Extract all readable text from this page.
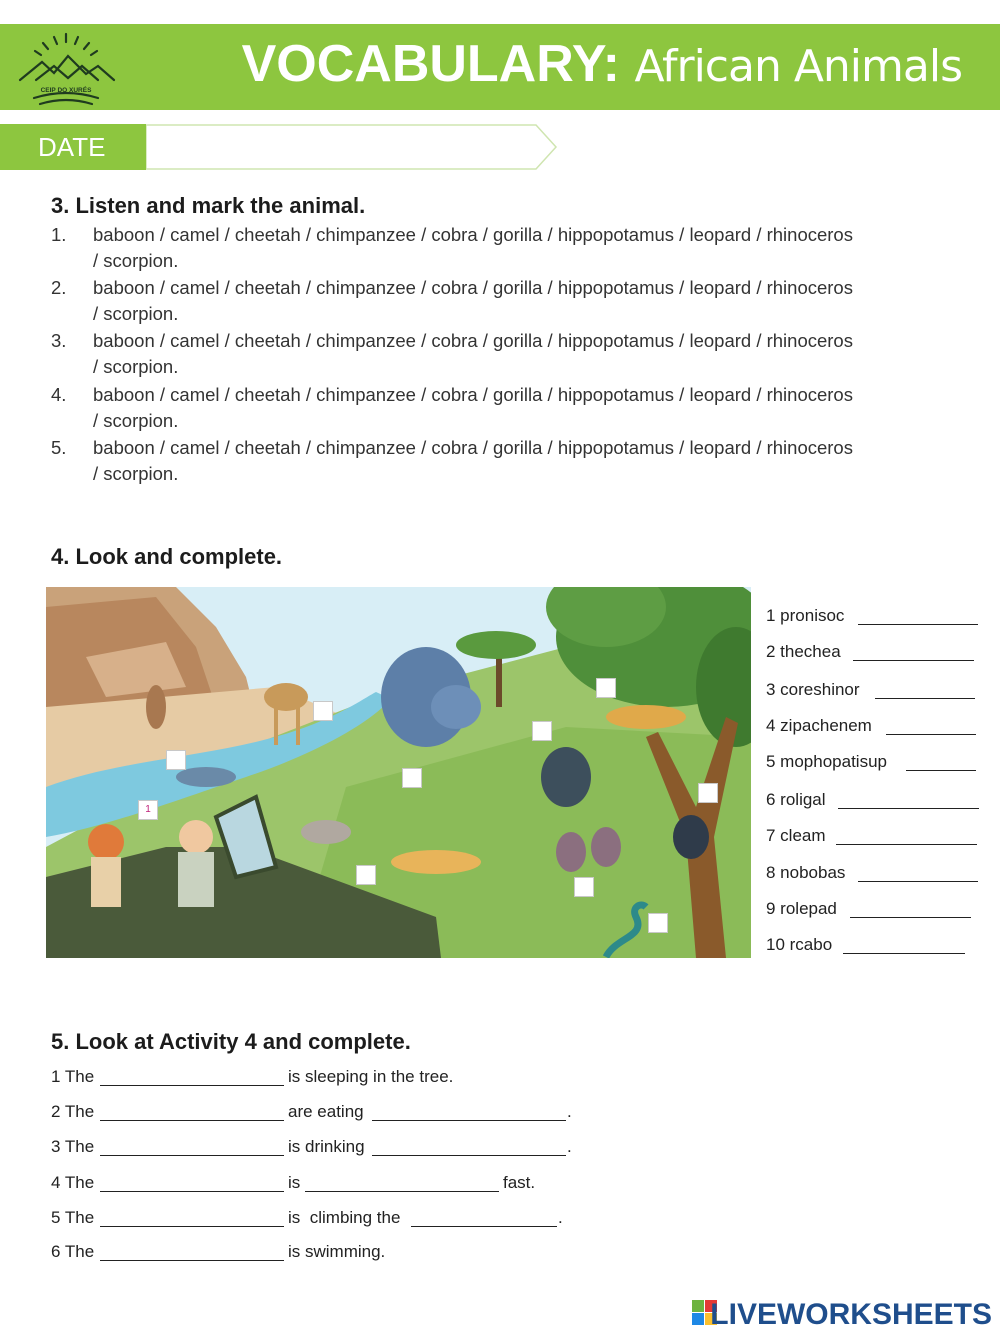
CEIP DO XURÉS	VOCABULARY: African Animals
DATE
3. Listen and mark the animal.
1. baboon / camel / cheetah / chimpanzee / cobra / gorilla / hippopotamus / leopard / rhinoceros
/ scorpion.
2. baboon / camel / cheetah / chimpanzee / cobra / gorilla / hippopotamus / leopard / rhinoceros
/ scorpion.
3. baboon / camel / cheetah / chimpanzee / cobra / gorilla / hippopotamus / leopard / rhinoceros
/ scorpion.
4. baboon / camel / cheetah / chimpanzee / cobra / gorilla / hippopotamus / leopard / rhinoceros
/ scorpion.
5. baboon / camel / cheetah / chimpanzee / cobra / gorilla / hippopotamus / leopard / rhinoceros
/ scorpion.
4. Look and complete.
1
1 pronisoc
2 thechea
3 coreshinor
4 zipachenem
5 mophopatisup
6 roligal
7 cleam
8 nobobas
9 rolepad
10 rcabo
5. Look at Activity 4 and complete.
1 The	is sleeping in the tree.
2 The	are eating	.
3 The	is drinking	.
4 The	is	fast.
5 The	is  climbing the	.
6 The	is swimming.
LIVEWORKSHEETS
